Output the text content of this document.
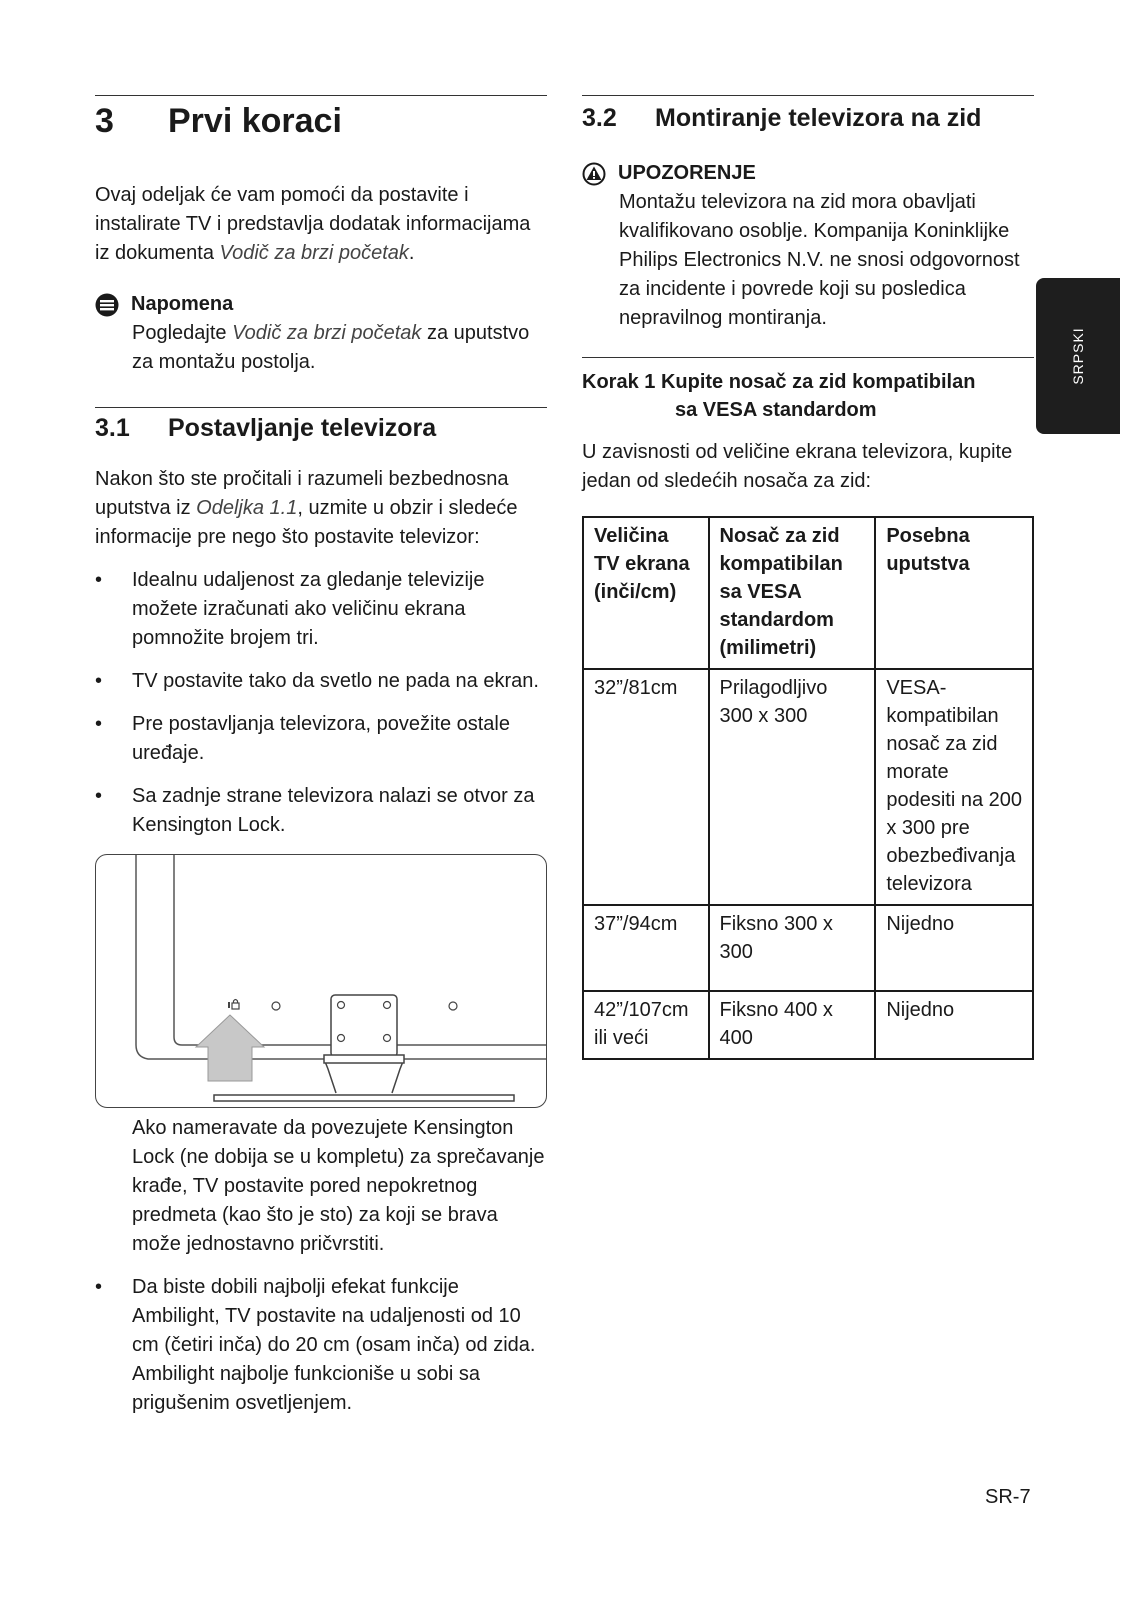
3	Prvi koraci

Ovaj odeljak će vam pomoći da postavite i instalirate TV i predstavlja dodatak informacijama iz dokumenta Vodič za brzi početak.

Napomena

Pogledajte Vodič za brzi početak za uputstvo za montažu postolja.

3.1	Postavljanje televizora

Nakon što ste pročitali i razumeli bezbednosna uputstva iz Odeljka 1.1, uzmite u obzir i sledeće informacije pre nego što postavite televizor:

• Idealnu udaljenost za gledanje televizije možete izračunati ako veličinu ekrana pomnožite brojem tri.
• TV postavite tako da svetlo ne pada na ekran.
• Pre postavljanja televizora, povežite ostale uređaje.
• Sa zadnje strane televizora nalazi se otvor za Kensington Lock.

Ako nameravate da povezujete Kensington Lock (ne dobija se u kompletu) za sprečavanje krađe, TV postavite pored nepokretnog predmeta (kao što je sto) za koji se brava može jednostavno pričvrstiti.

• Da biste dobili najbolji efekat funkcije Ambilight, TV postavite na udaljenosti od 10 cm (četiri inča) do 20 cm (osam inča) od zida. Ambilight najbolje funkcioniše u sobi sa prigušenim osvetljenjem.
3.2	Montiranje televizora na zid
UPOZORENJE

Montažu televizora na zid mora obavljati kvalifikovano osoblje. Kompanija Koninklijke Philips Electronics N.V. ne snosi odgovornost za incidente i povrede koji su posledica nepravilnog montiranja.

Korak 1 Kupite nosač za zid kompatibilan
sa VESA standardom

U zavisnosti od veličine ekrana televizora, kupite jedan od sledećih nosača za zid:

Veličina TV ekrana (inči/cm)	Nosač za zid kompatibilan sa VESA standardom (milimetri)	Posebna uputstva
32”/81cm	Prilagodljivo 300 x 300	VESA-kompatibilan nosač za zid morate podesiti na 200 x 300 pre obezbeđivanja televizora
37”/94cm	Fiksno 300 x 300	Nijedno
42”/107cm ili veći	Fiksno 400 x 400	Nijedno
SRPSKI
SR-7
